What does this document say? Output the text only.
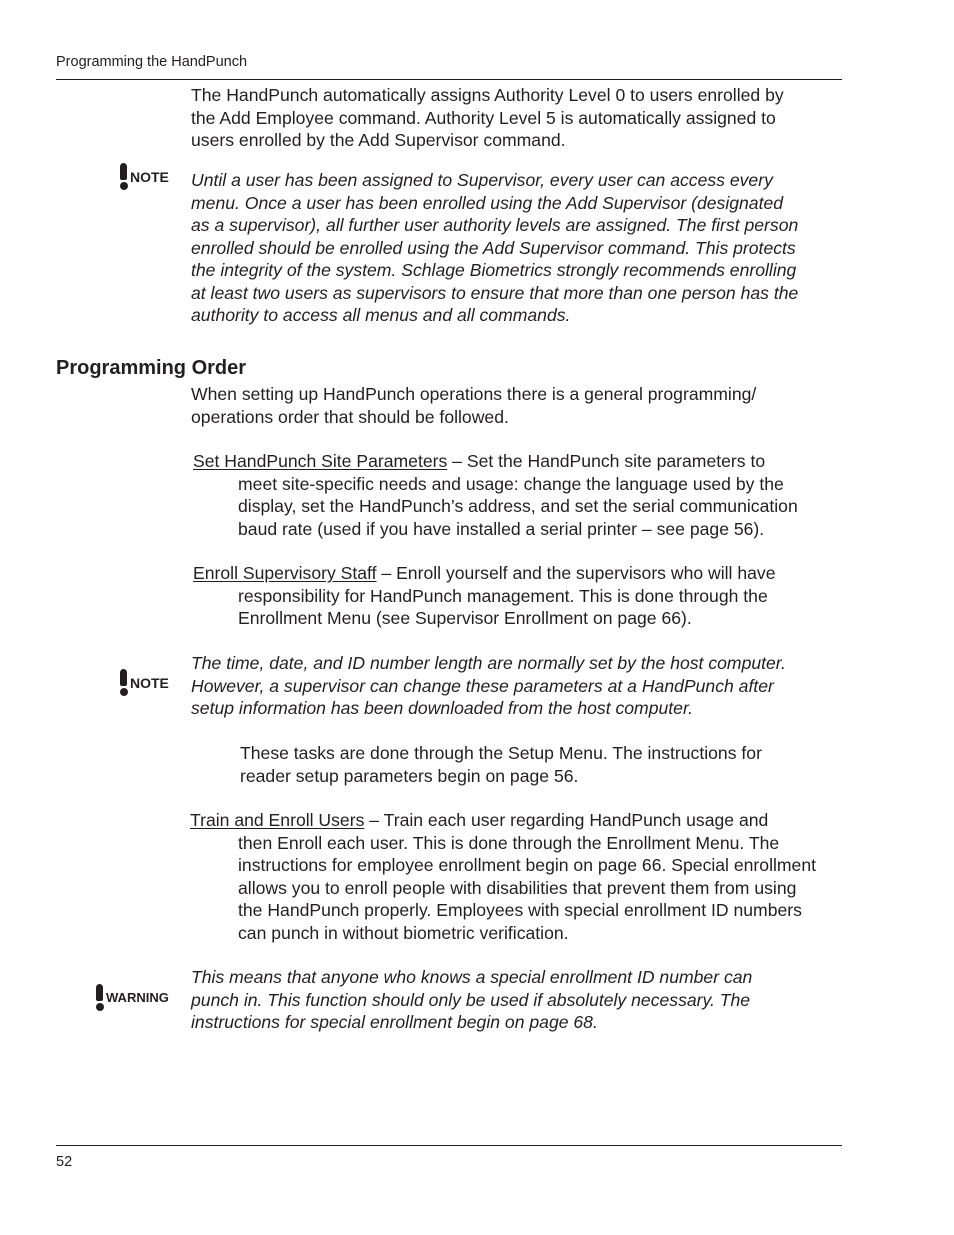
Programming the HandPunch
The HandPunch automatically assigns Authority Level 0 to users enrolled by
the Add Employee command. Authority Level 5 is automatically assigned to
users enrolled by the Add Supervisor command.
NOTE Until a user has been assigned to Supervisor, every user can access every
menu. Once a user has been enrolled using the Add Supervisor (designated
as a supervisor), all further user authority levels are assigned. The first person
enrolled should be enrolled using the Add Supervisor command. This protects
the integrity of the system. Schlage Biometrics strongly recommends enrolling
at least two users as supervisors to ensure that more than one person has the
authority to access all menus and all commands.
Programming Order
When setting up HandPunch operations there is a general programming/
operations order that should be followed.
Set HandPunch Site Parameters – Set the HandPunch site parameters to
meet site-specific needs and usage: change the language used by the
display, set the HandPunch’s address, and set the serial communication
baud rate (used if you have installed a serial printer – see page 56).
Enroll Supervisory Staff – Enroll yourself and the supervisors who will have
responsibility for HandPunch management. This is done through the
Enrollment Menu (see Supervisor Enrollment on page 66).
NOTE
The time, date, and ID number length are normally set by the host computer.
However, a supervisor can change these parameters at a HandPunch after
setup information has been downloaded from the host computer.
These tasks are done through the Setup Menu. The instructions for
reader setup parameters begin on page 56.
Train and Enroll Users – Train each user regarding HandPunch usage and
then Enroll each user. This is done through the Enrollment Menu. The
instructions for employee enrollment begin on page 66. Special enrollment
allows you to enroll people with disabilities that prevent them from using
the HandPunch properly. Employees with special enrollment ID numbers
can punch in without biometric verification.
WARNING
This means that anyone who knows a special enrollment ID number can
punch in. This function should only be used if absolutely necessary. The
instructions for special enrollment begin on page 68.
52
